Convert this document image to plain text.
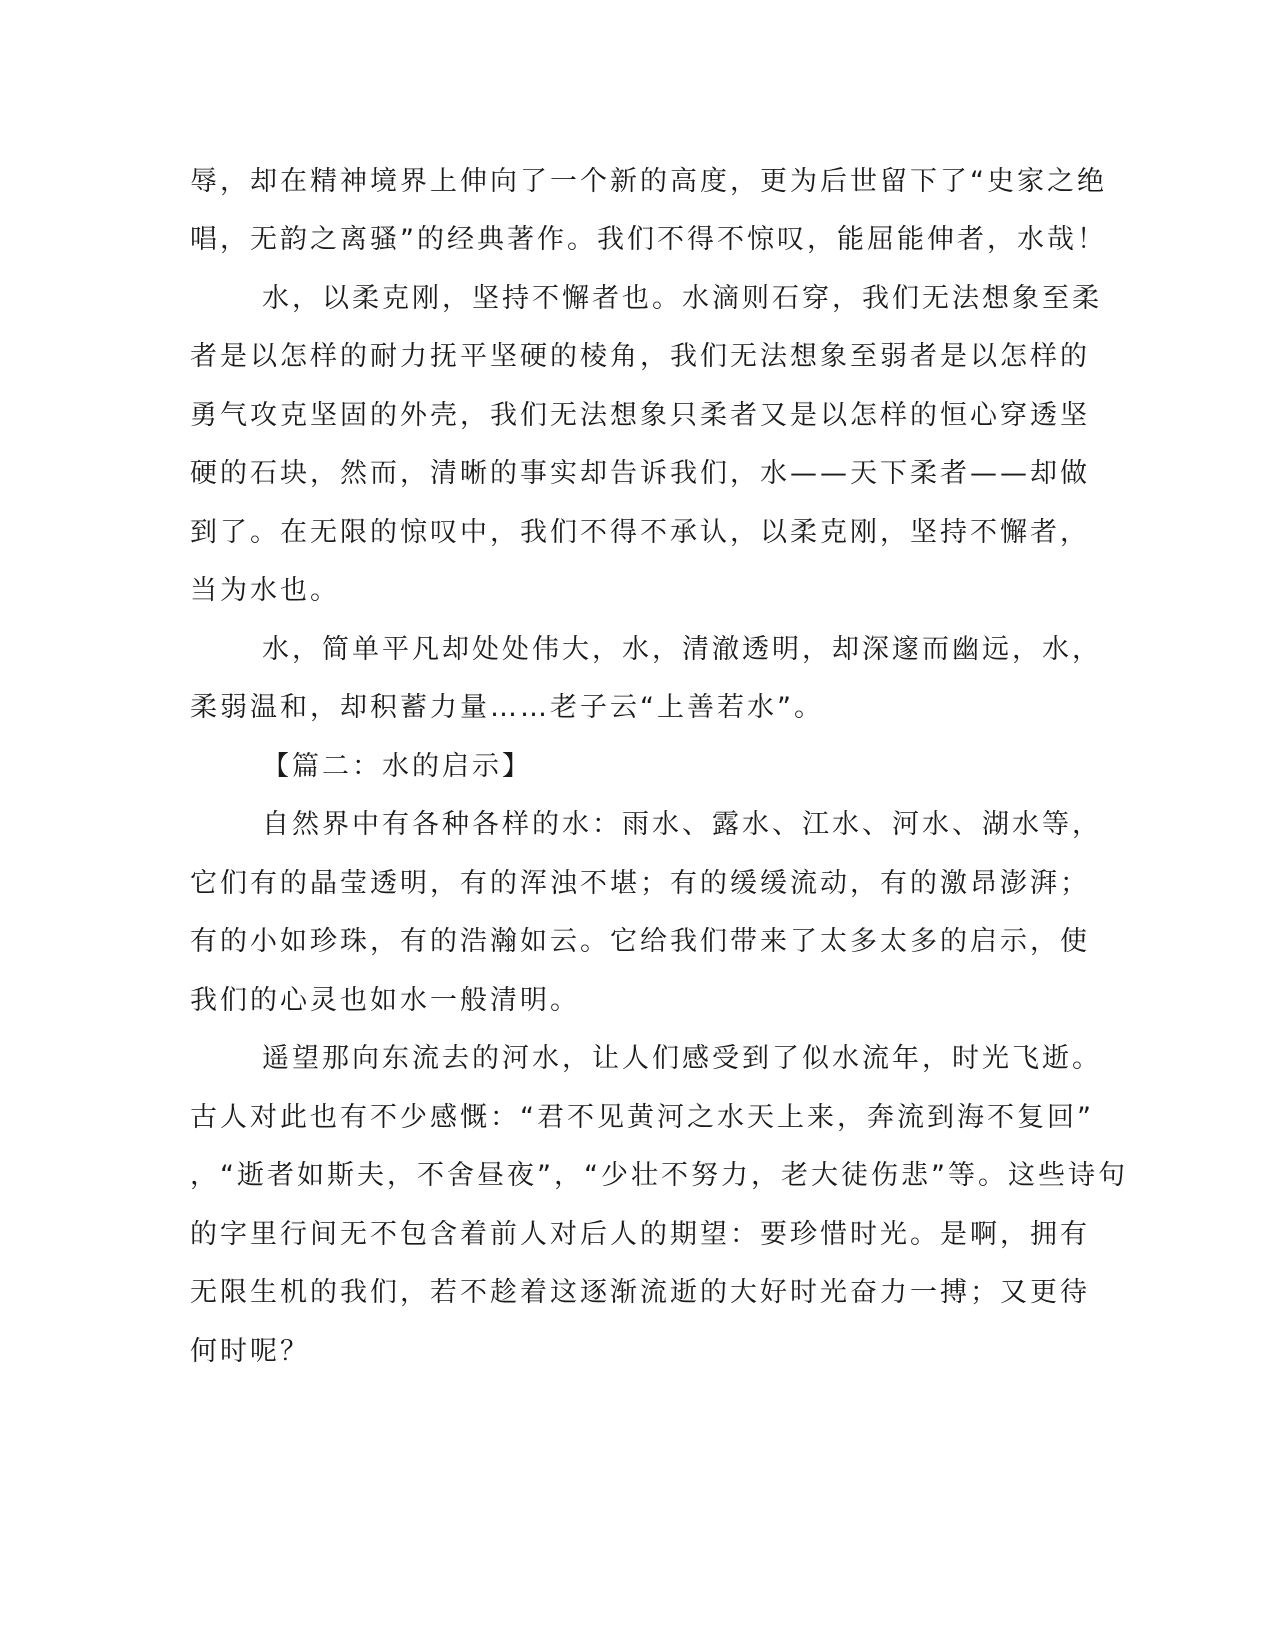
辱，却在精神境界上伸向了一个新的高度，更为后世留下了“史家之绝
唱，无韵之离骚”的经典著作。我们不得不惊叹，能屈能伸者，水哉！
水，以柔克刚，坚持不懈者也。水滴则石穿，我们无法想象至柔
者是以怎样的耐力抚平坚硬的棱角，我们无法想象至弱者是以怎样的
勇气攻克坚固的外壳，我们无法想象只柔者又是以怎样的恒心穿透坚
硬的石块，然而，清晰的事实却告诉我们，水——天下柔者——却做
到了。在无限的惊叹中，我们不得不承认，以柔克刚，坚持不懈者，
当为水也。
水，简单平凡却处处伟大，水，清澈透明，却深邃而幽远，水，
柔弱温和，却积蓄力量……老子云“上善若水”。
【篇二：水的启示】
自然界中有各种各样的水：雨水、露水、江水、河水、湖水等，
它们有的晶莹透明，有的浑浊不堪；有的缓缓流动，有的激昂澎湃；
有的小如珍珠，有的浩瀚如云。它给我们带来了太多太多的启示，使
我们的心灵也如水一般清明。
遥望那向东流去的河水，让人们感受到了似水流年，时光飞逝。
古人对此也有不少感慨：“君不见黄河之水天上来，奔流到海不复回”
，“逝者如斯夫，不舍昼夜”，“少壮不努力，老大徒伤悲”等。这些诗句
的字里行间无不包含着前人对后人的期望：要珍惜时光。是啊，拥有
无限生机的我们，若不趁着这逐渐流逝的大好时光奋力一搏；又更待
何时呢？
